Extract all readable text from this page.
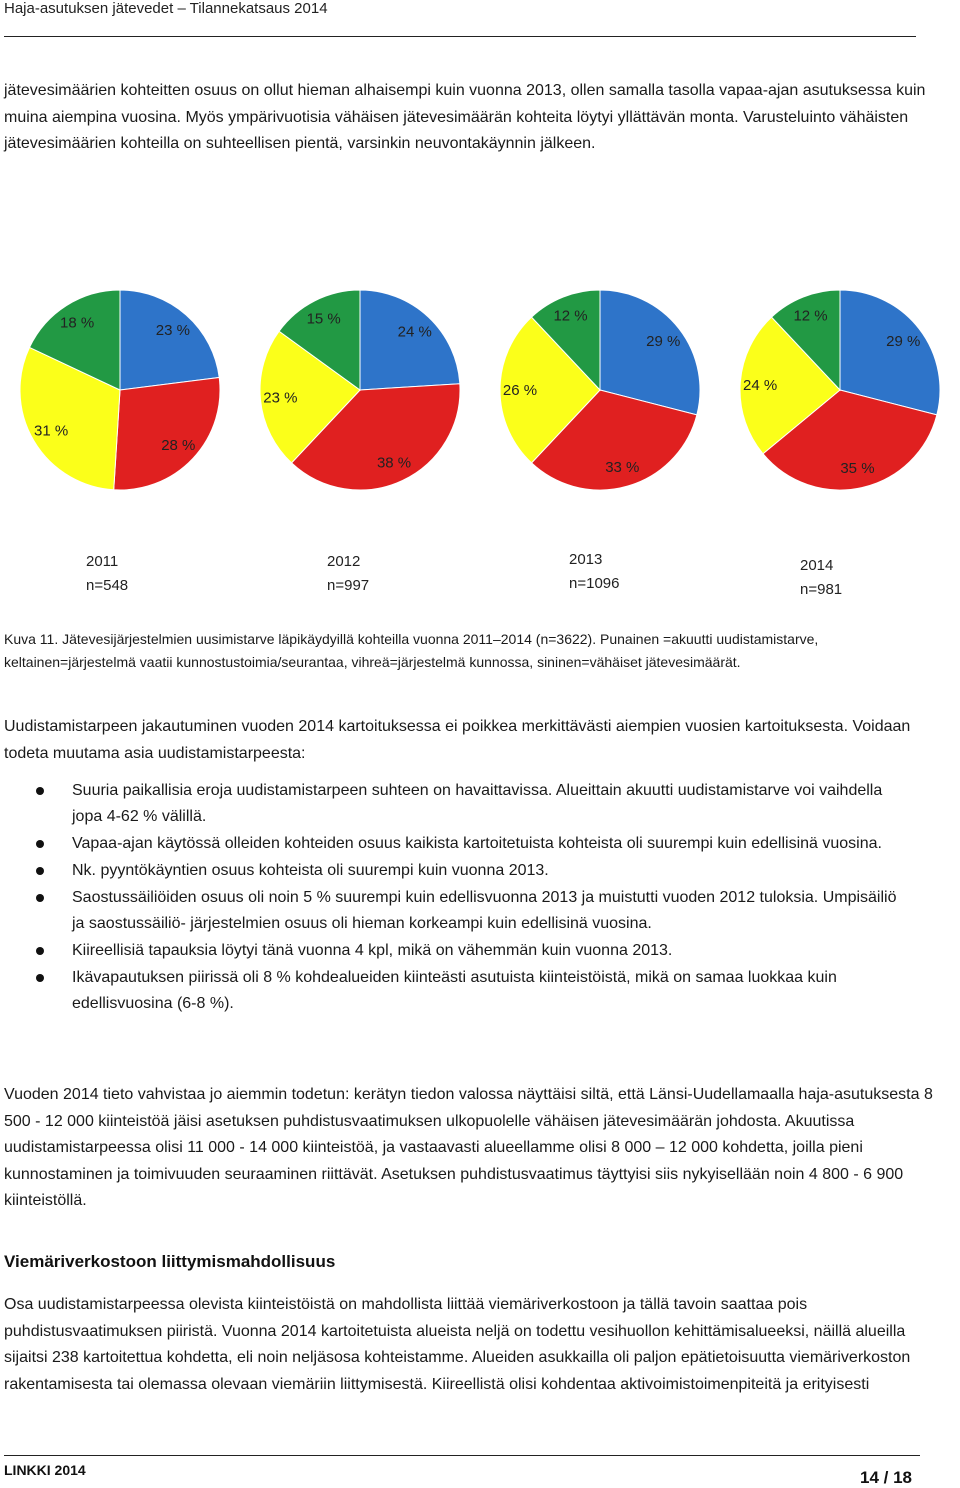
Haja-asutuksen jätevedet – Tilannekatsaus 2014
jätevesimäärien kohteitten osuus on ollut hieman alhaisempi kuin vuonna 2013, ollen samalla tasolla vapaa-ajan asutuksessa kuin muina aiempina vuosina. Myös ympärivuotisia vähäisen jätevesimäärän kohteita löytyi yllättävän monta. Varusteluinto vähäisten jätevesimäärien kohteilla on suhteellisen pientä, varsinkin neuvontakäynnin jälkeen.
23 %
28 %
31 %
18 %
2011
n=548
24 %
38 %
23 %
15 %
2012
n=997
29 %
33 %
26 %
12 %
2013
n=1096
29 %
35 %
24 %
12 %
2014
n=981
Kuva 11. Jätevesijärjestelmien uusimistarve läpikäydyillä kohteilla vuonna 2011–2014 (n=3622). Punainen =akuutti uudistamistarve, keltainen=järjestelmä vaatii kunnostustoimia/seurantaa, vihreä=järjestelmä kunnossa, sininen=vähäiset jätevesimäärät.
Uudistamistarpeen jakautuminen vuoden 2014 kartoituksessa ei poikkea merkittävästi aiempien vuosien kartoituksesta. Voidaan todeta muutama asia uudistamistarpeesta:
Suuria paikallisia eroja uudistamistarpeen suhteen on havaittavissa. Alueittain akuutti uudistamistarve voi vaihdella jopa 4-62 % välillä.
Vapaa-ajan käytössä olleiden kohteiden osuus kaikista kartoitetuista kohteista oli suurempi kuin edellisinä vuosina.
Nk. pyyntökäyntien osuus kohteista oli suurempi kuin vuonna 2013.
Saostussäiliöiden osuus oli noin 5 % suurempi kuin edellisvuonna 2013 ja muistutti vuoden 2012 tuloksia. Umpisäiliö ja saostussäiliö- järjestelmien osuus oli hieman korkeampi kuin edellisinä vuosina.
Kiireellisiä tapauksia löytyi tänä vuonna 4 kpl, mikä on vähemmän kuin vuonna 2013.
Ikävapautuksen piirissä oli 8 % kohdealueiden kiinteästi asutuista kiinteistöistä, mikä on samaa luokkaa kuin edellisvuosina (6-8 %).
Vuoden 2014 tieto vahvistaa jo aiemmin todetun: kerätyn tiedon valossa näyttäisi siltä, että Länsi-Uudellamaalla haja-asutuksesta 8 500 - 12 000 kiinteistöä jäisi asetuksen puhdistusvaatimuksen ulkopuolelle vähäisen jätevesimäärän johdosta. Akuutissa uudistamistarpeessa olisi 11 000 - 14 000 kiinteistöä, ja vastaavasti alueellamme olisi 8 000 – 12 000 kohdetta, joilla pieni kunnostaminen ja toimivuuden seuraaminen riittävät. Asetuksen puhdistusvaatimus täyttyisi siis nykyisellään noin 4 800 - 6 900 kiinteistöllä.
Viemäriverkostoon liittymismahdollisuus
Osa uudistamistarpeessa olevista kiinteistöistä on mahdollista liittää viemäriverkostoon ja tällä tavoin saattaa pois puhdistusvaatimuksen piiristä. Vuonna 2014 kartoitetuista alueista neljä on todettu vesihuollon kehittämisalueeksi, näillä alueilla sijaitsi 238 kartoitettua kohdetta, eli noin neljäsosa kohteistamme. Alueiden asukkailla oli paljon epätietoisuutta viemäriverkoston rakentamisesta tai olemassa olevaan viemäriin liittymisestä. Kiireellistä olisi kohdentaa aktivoimistoimenpiteitä ja erityisesti
LINKKI 2014	14 / 18
